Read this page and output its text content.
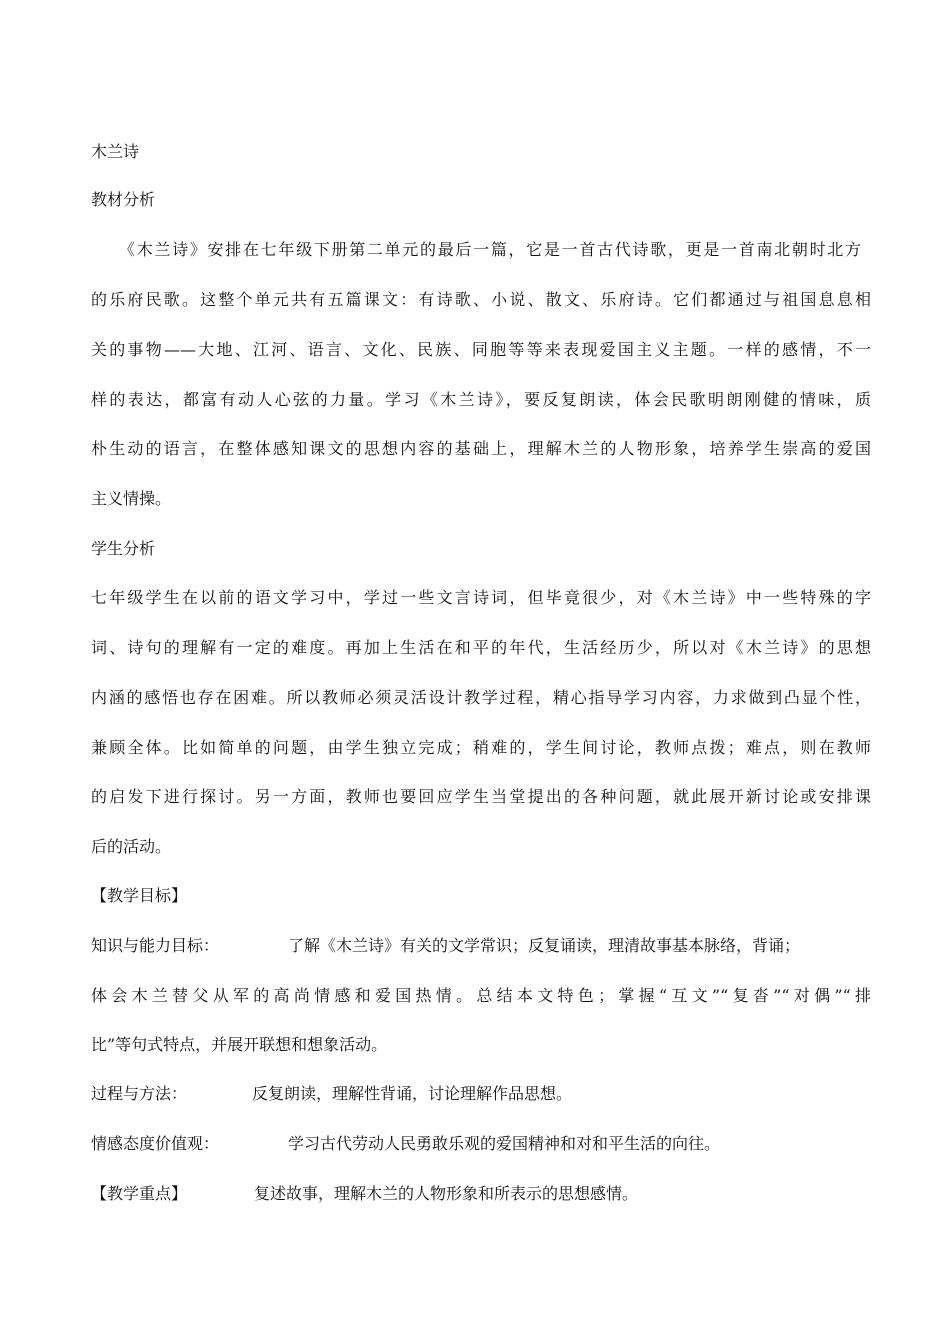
木兰诗
教材分析
《木兰诗》安排在七年级下册第二单元的最后一篇，它是一首古代诗歌，更是一首南北朝时北方
的乐府民歌。这整个单元共有五篇课文：有诗歌、小说、散文、乐府诗。它们都通过与祖国息息相
关的事物——大地、江河、语言、文化、民族、同胞等等来表现爱国主义主题。一样的感情，不一
样的表达，都富有动人心弦的力量。学习《木兰诗》，要反复朗读，体会民歌明朗刚健的情味，质
朴生动的语言，在整体感知课文的思想内容的基础上，理解木兰的人物形象，培养学生崇高的爱国
主义情操。
学生分析
七年级学生在以前的语文学习中，学过一些文言诗词，但毕竟很少，对《木兰诗》中一些特殊的字
词、诗句的理解有一定的难度。再加上生活在和平的年代，生活经历少，所以对《木兰诗》的思想
内涵的感悟也存在困难。所以教师必须灵活设计教学过程，精心指导学习内容，力求做到凸显个性，
兼顾全体。比如简单的问题，由学生独立完成；稍难的，学生间讨论，教师点拨；难点，则在教师
的启发下进行探讨。另一方面，教师也要回应学生当堂提出的各种问题，就此展开新讨论或安排课
后的活动。
【教学目标】
知识与能力目标：	了解《木兰诗》有关的文学常识；反复诵读，理清故事基本脉络，背诵；
体会木兰替父从军的高尚情感和爱国热情。总结本文特色；掌握“互文”“复沓”“对偶”“排
比”等句式特点，并展开联想和想象活动。
过程与方法：	反复朗读，理解性背诵，讨论理解作品思想。
情感态度价值观：	学习古代劳动人民勇敢乐观的爱国精神和对和平生活的向往。
【教学重点】	复述故事，理解木兰的人物形象和所表示的思想感情。
